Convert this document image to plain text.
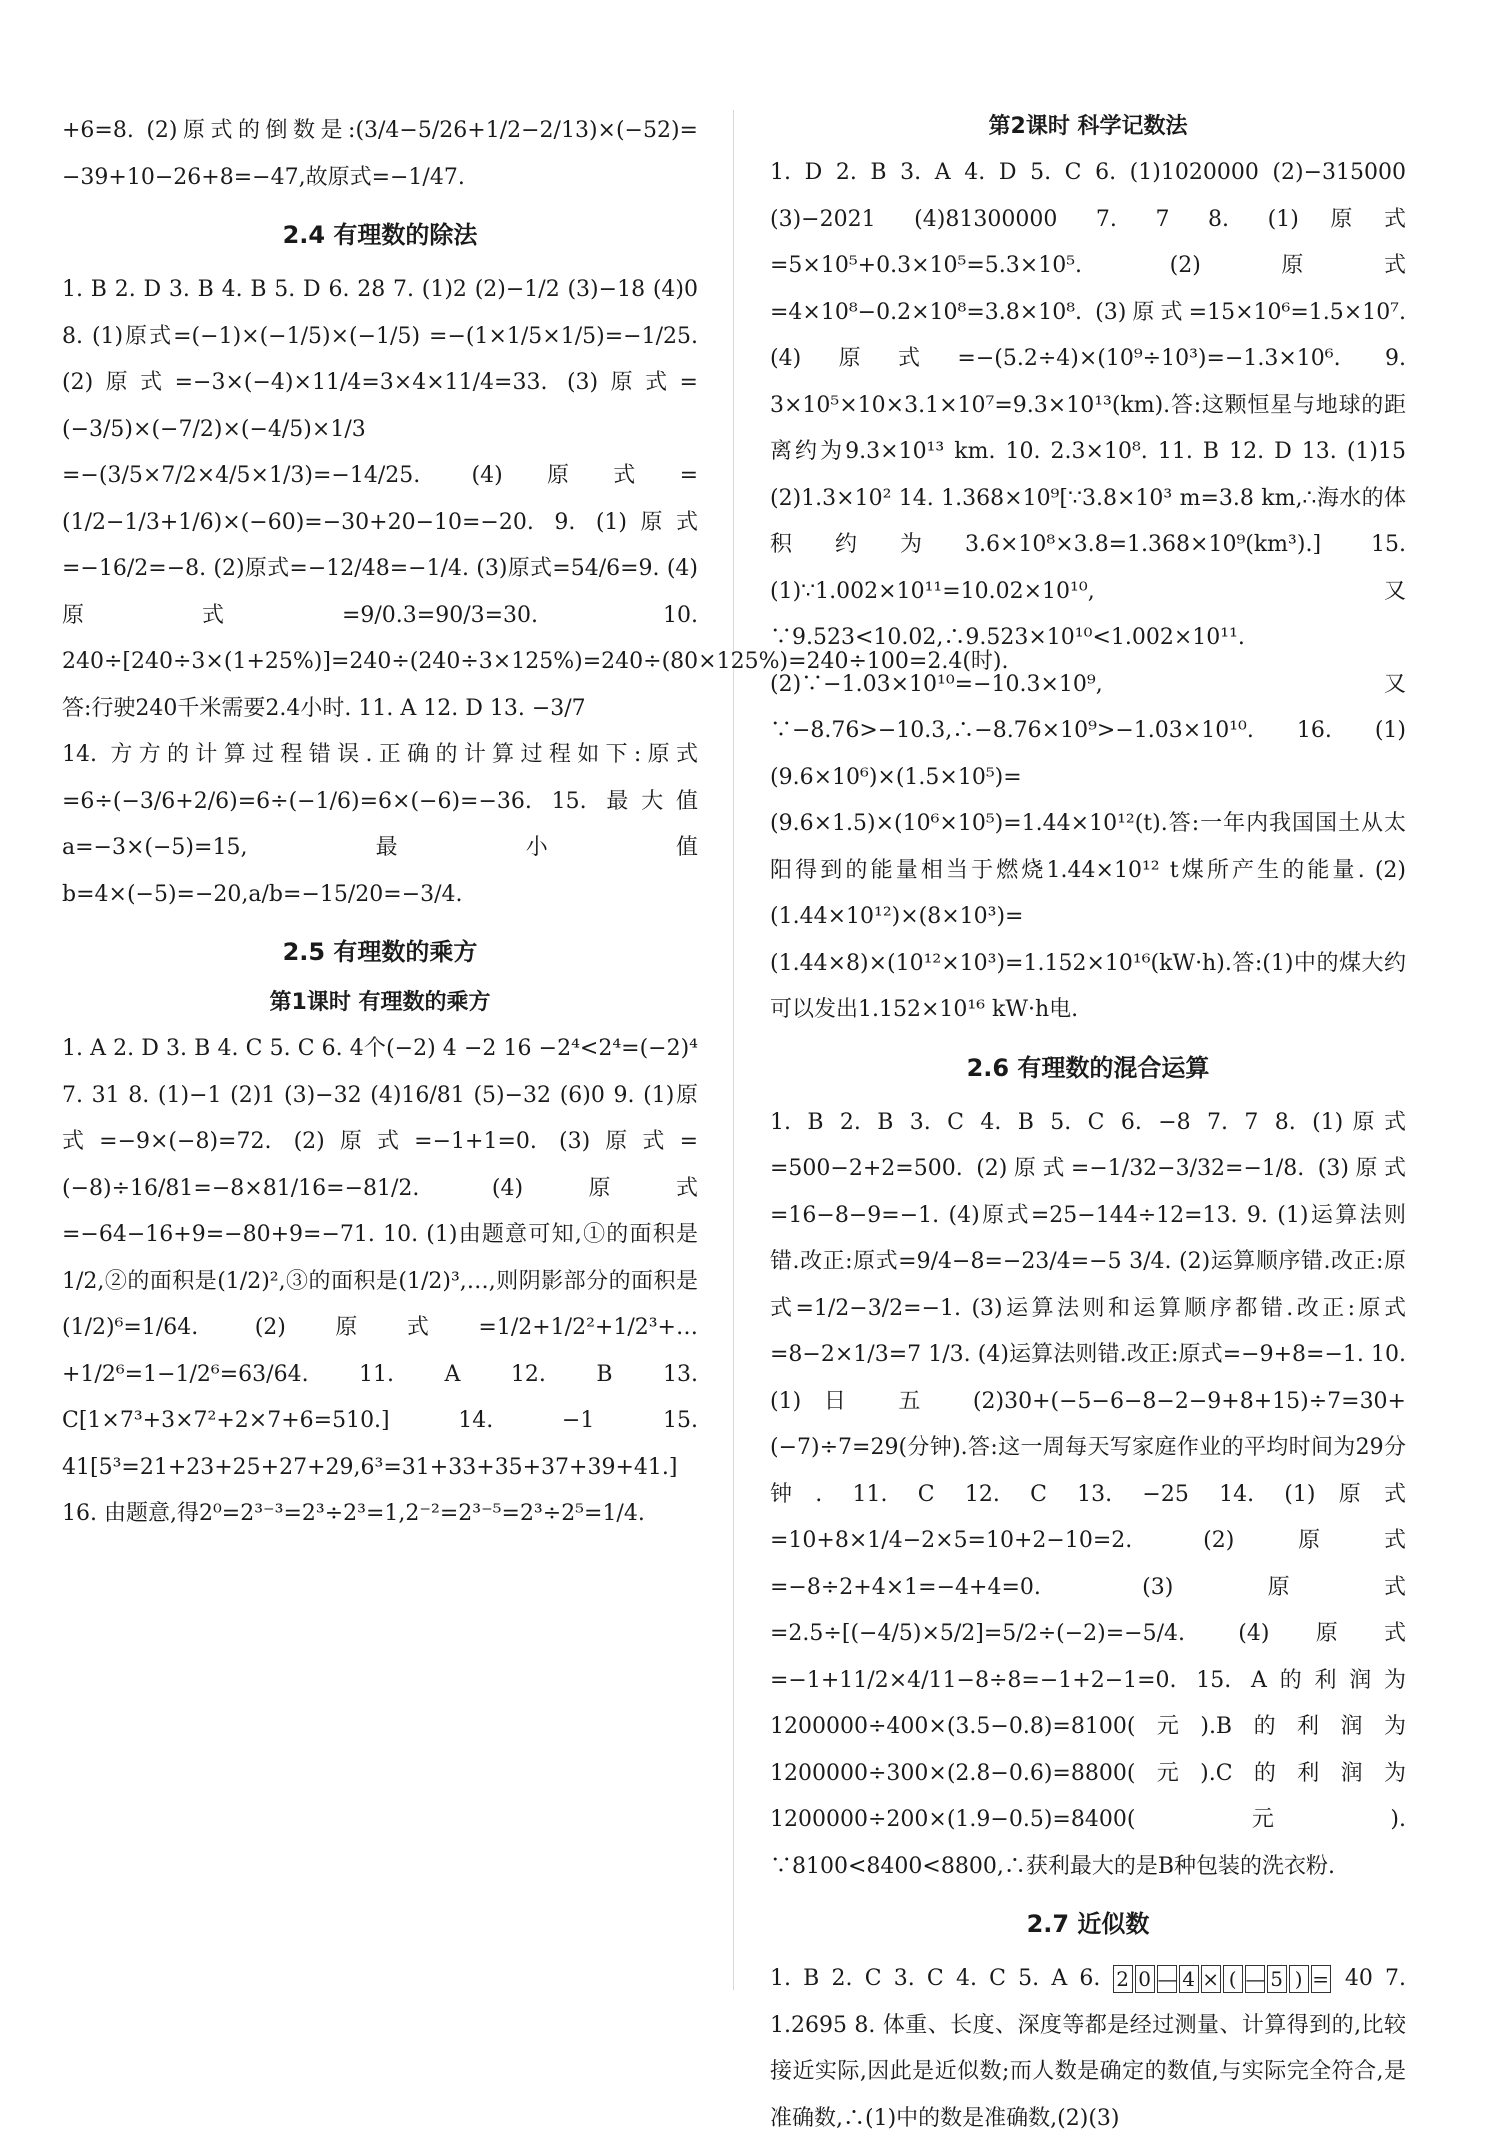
+6=8. (2)原式的倒数是:(3/4−5/26+1/2−2/13)×(−52)= −39+10−26+8=−47,故原式=−1/47.

2.4 有理数的除法

1. B 2. D 3. B 4. B 5. D 6. 28 7. (1)2 (2)−1/2 (3)−18 (4)0 8. (1)原式=(−1)×(−1/5)×(−1/5) =−(1×1/5×1/5)=−1/25. (2)原式=−3×(−4)×11/4=3×4×11/4=33. (3)原式=(−3/5)×(−7/2)×(−4/5)×1/3 =−(3/5×7/2×4/5×1/3)=−14/25. (4)原式=(1/2−1/3+1/6)×(−60)=−30+20−10=−20. 9. (1)原式=−16/2=−8. (2)原式=−12/48=−1/4. (3)原式=54/6=9. (4)原式=9/0.3=90/3=30. 10. 240÷[240÷3×(1+25%)]=240÷(240÷3×125%)=240÷(80×125%)=240÷100=2.4(时).答:行驶240千米需要2.4小时. 11. A 12. D 13. −3/7

14. 方方的计算过程错误.正确的计算过程如下:原式=6÷(−3/6+2/6)=6÷(−1/6)=6×(−6)=−36. 15. 最大值a=−3×(−5)=15,最小值b=4×(−5)=−20,a/b=−15/20=−3/4.

2.5 有理数的乘方
第1课时 有理数的乘方

1. A 2. D 3. B 4. C 5. C 6. 4个(−2) 4 −2 16 −2⁴<2⁴=(−2)⁴ 7. 31 8. (1)−1 (2)1 (3)−32 (4)16/81 (5)−32 (6)0 9. (1)原式=−9×(−8)=72. (2)原式=−1+1=0. (3)原式=(−8)÷16/81=−8×81/16=−81/2. (4)原式=−64−16+9=−80+9=−71. 10. (1)由题意可知,①的面积是1/2,②的面积是(1/2)²,③的面积是(1/2)³,…,则阴影部分的面积是(1/2)⁶=1/64. (2)原式=1/2+1/2²+1/2³+…+1/2⁶=1−1/2⁶=63/64. 11. A 12. B 13. C[1×7³+3×7²+2×7+6=510.] 14. −1 15. 41[5³=21+23+25+27+29,6³=31+33+35+37+39+41.] 16. 由题意,得2⁰=2³⁻³=2³÷2³=1,2⁻²=2³⁻⁵=2³÷2⁵=1/4.

第2课时 科学记数法

1. D 2. B 3. A 4. D 5. C 6. (1)1020000 (2)−315000 (3)−2021 (4)81300000 7. 7 8. (1)原式=5×10⁵+0.3×10⁵=5.3×10⁵. (2)原式=4×10⁸−0.2×10⁸=3.8×10⁸. (3)原式=15×10⁶=1.5×10⁷. (4)原式=−(5.2÷4)×(10⁹÷10³)=−1.3×10⁶. 9. 3×10⁵×10×3.1×10⁷=9.3×10¹³(km).答:这颗恒星与地球的距离约为9.3×10¹³ km. 10. 2.3×10⁸. 11. B 12. D 13. (1)15 (2)1.3×10² 14. 1.368×10⁹[∵3.8×10³ m=3.8 km,∴海水的体积约为3.6×10⁸×3.8=1.368×10⁹(km³).] 15. (1)∵1.002×10¹¹=10.02×10¹⁰,又∵9.523<10.02,∴9.523×10¹⁰<1.002×10¹¹. (2)∵−1.03×10¹⁰=−10.3×10⁹,又∵−8.76>−10.3,∴−8.76×10⁹>−1.03×10¹⁰. 16. (1)(9.6×10⁶)×(1.5×10⁵)=(9.6×1.5)×(10⁶×10⁵)=1.44×10¹²(t).答:一年内我国国土从太阳得到的能量相当于燃烧1.44×10¹² t煤所产生的能量. (2)(1.44×10¹²)×(8×10³)=(1.44×8)×(10¹²×10³)=1.152×10¹⁶(kW·h).答:(1)中的煤大约可以发出1.152×10¹⁶ kW·h电.

2.6 有理数的混合运算

1. B 2. B 3. C 4. B 5. C 6. −8 7. 7 8. (1)原式=500−2+2=500. (2)原式=−1/32−3/32=−1/8. (3)原式=16−8−9=−1. (4)原式=25−144÷12=13. 9. (1)运算法则错.改正:原式=9/4−8=−23/4=−5 3/4. (2)运算顺序错.改正:原式=1/2−3/2=−1. (3)运算法则和运算顺序都错.改正:原式=8−2×1/3=7 1/3. (4)运算法则错.改正:原式=−9+8=−1. 10. (1)日 五 (2)30+(−5−6−8−2−9+8+15)÷7=30+(−7)÷7=29(分钟).答:这一周每天写家庭作业的平均时间为29分钟. 11. C 12. C 13. −25 14. (1)原式=10+8×1/4−2×5=10+2−10=2. (2)原式=−8÷2+4×1=−4+4=0. (3)原式=2.5÷[(−4/5)×5/2]=5/2÷(−2)=−5/4. (4)原式=−1+11/2×4/11−8÷8=−1+2−1=0. 15. A的利润为1200000÷400×(3.5−0.8)=8100(元).B的利润为1200000÷300×(2.8−0.6)=8800(元).C的利润为1200000÷200×(1.9−0.5)=8400(元). ∵8100<8400<8800,∴获利最大的是B种包装的洗衣粉.

2.7 近似数

1. B 2. C 3. C 4. C 5. A 6. 2 0 — 4 × ( — 5 ) = 40 7. 1.2695 8. 体重、长度、深度等都是经过测量、计算得到的,比较接近实际,因此是近似数;而人数是确定的数值,与实际完全符合,是准确数,∴(1)中的数是准确数,(2)(3)
